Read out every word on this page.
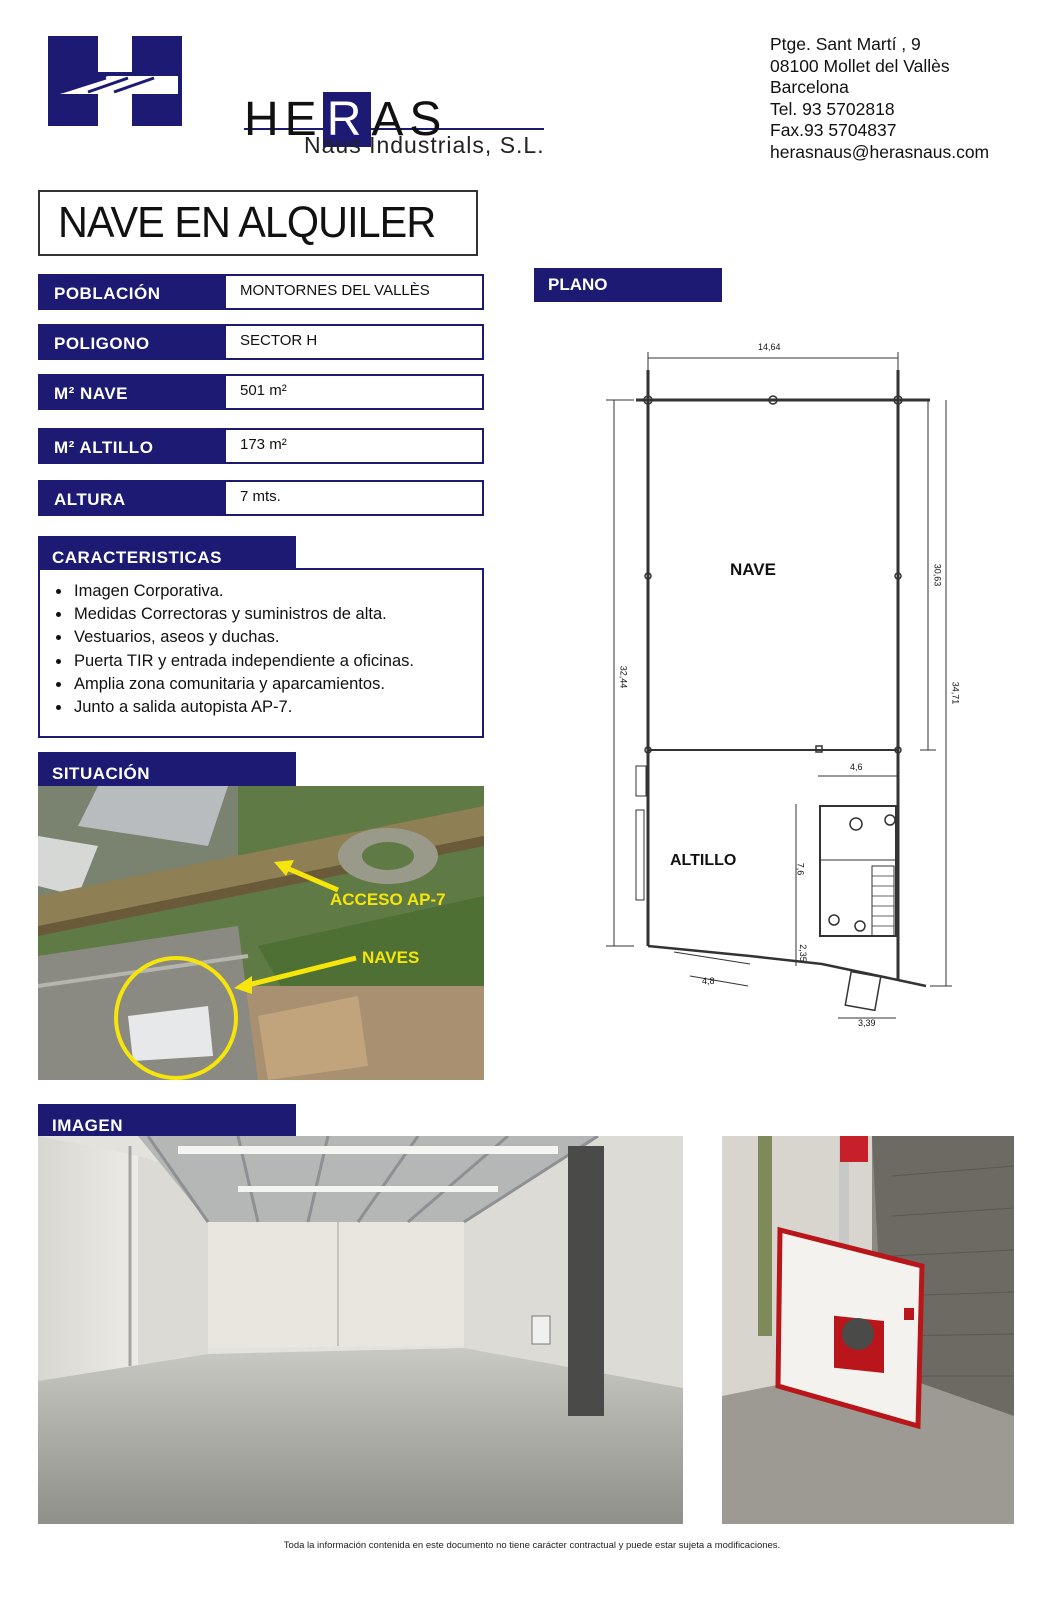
HERAS
Naus Industrials, S.L.
Ptge. Sant Martí , 9
08100 Mollet del Vallès
Barcelona
Tel. 93 5702818
Fax.93 5704837
herasnaus@herasnaus.com
NAVE EN ALQUILER
POBLACIÓN	MONTORNES DEL VALLÈS
POLIGONO	SECTOR H
M² NAVE	501 m²
M² ALTILLO	173 m²
ALTURA	7 mts.
CARACTERISTICAS
• Imagen Corporativa.
• Medidas Correctoras y suministros de alta.
• Vestuarios, aseos y duchas.
• Puerta TIR y entrada independiente a oficinas.
• Amplia zona comunitaria y aparcamientos.
• Junto a salida autopista AP-7.
SITUACIÓN
ACCESO AP-7
NAVES
PLANO
14,64
32,44
30,63
34,71
4,6
7,6
2,35
4,8
3,39
NAVE
ALTILLO
IMAGEN
Toda la información contenida en este documento no tiene carácter contractual y puede estar sujeta a modificaciones.
